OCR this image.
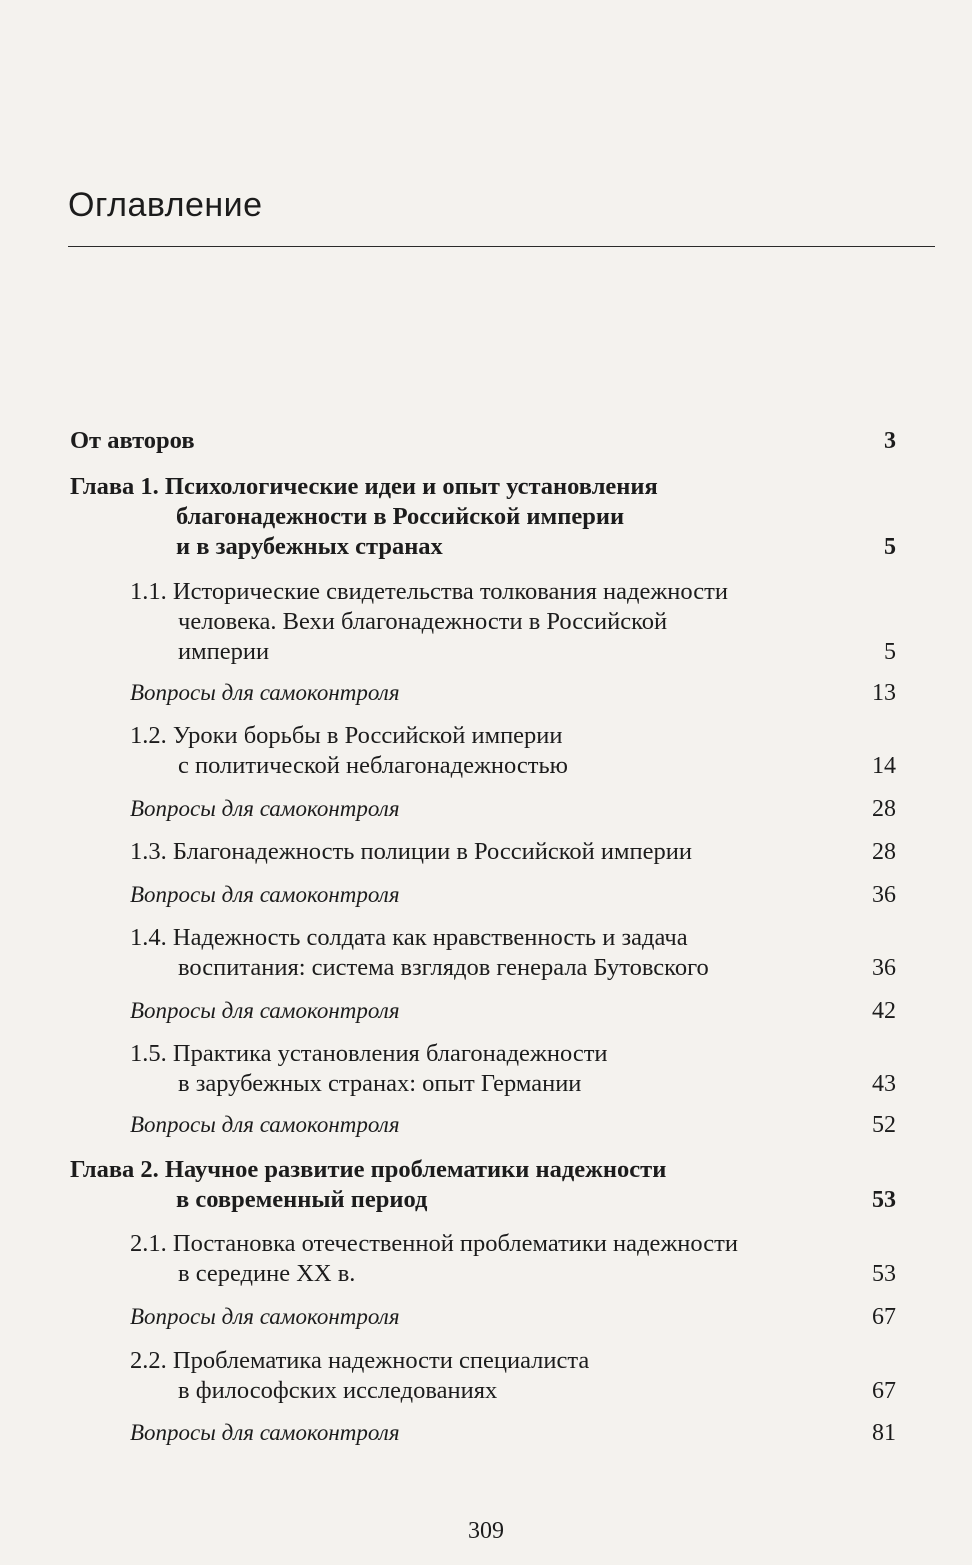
Оглавление
От авторов	3
Глава 1. Психологические идеи и опыт установления
благонадежности в Российской империи
и в зарубежных странах	5
1.1. Исторические свидетельства толкования надежности
человека. Вехи благонадежности в Российской
империи	5
Вопросы для самоконтроля	13
1.2. Уроки борьбы в Российской империи
с политической неблагонадежностью	14
Вопросы для самоконтроля	28
1.3. Благонадежность полиции в Российской империи	28
Вопросы для самоконтроля	36
1.4. Надежность солдата как нравственность и задача
воспитания: система взглядов генерала Бутовского	36
Вопросы для самоконтроля	42
1.5. Практика установления благонадежности
в зарубежных странах: опыт Германии	43
Вопросы для самоконтроля	52
Глава 2. Научное развитие проблематики надежности
в современный период	53
2.1. Постановка отечественной проблематики надежности
в середине XX в.	53
Вопросы для самоконтроля	67
2.2. Проблематика надежности специалиста
в философских исследованиях	67
Вопросы для самоконтроля	81
309
